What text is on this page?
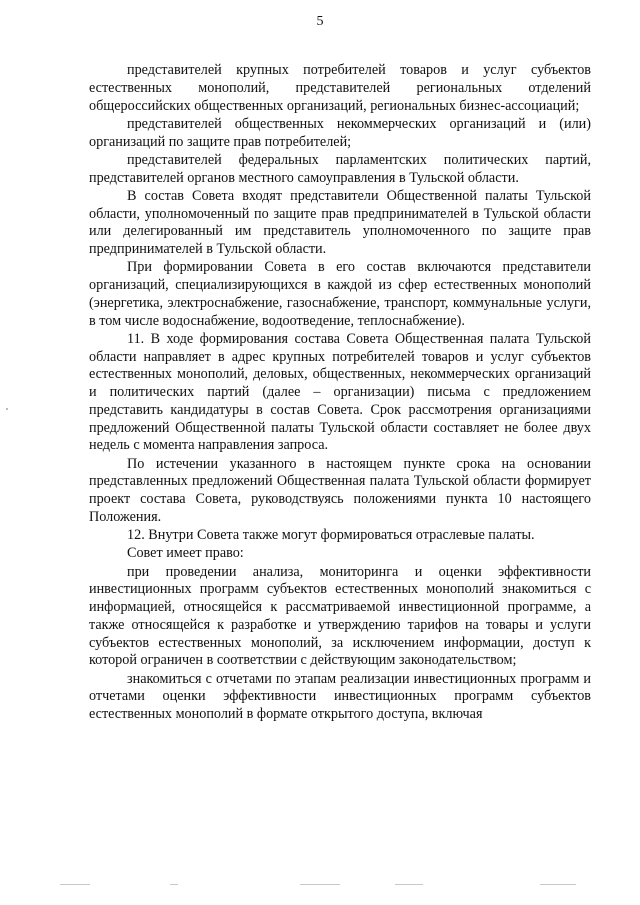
5

представителей крупных потребителей товаров и услуг субъектов естественных монополий, представителей региональных отделений общероссийских общественных организаций, региональных бизнес-ассоциаций;

представителей общественных некоммерческих организаций и (или) организаций по защите прав потребителей;

представителей федеральных парламентских политических партий, представителей органов местного самоуправления в Тульской области.

В состав Совета входят представители Общественной палаты Тульской области, уполномоченный по защите прав предпринимателей в Тульской области или делегированный им представитель уполномоченного по защите прав предпринимателей в Тульской области.

При формировании Совета в его состав включаются представители организаций, специализирующихся в каждой из сфер естественных монополий (энергетика, электроснабжение, газоснабжение, транспорт, коммунальные услуги, в том числе водоснабжение, водоотведение, теплоснабжение).

11. В ходе формирования состава Совета Общественная палата Тульской области направляет в адрес крупных потребителей товаров и услуг субъектов естественных монополий, деловых, общественных, некоммерческих организаций и политических партий (далее – организации) письма с предложением представить кандидатуры в состав Совета. Срок рассмотрения организациями предложений Общественной палаты Тульской области составляет не более двух недель с момента направления запроса.

По истечении указанного в настоящем пункте срока на основании представленных предложений Общественная палата Тульской области формирует проект состава Совета, руководствуясь положениями пункта 10 настоящего Положения.

12. Внутри Совета также могут формироваться отраслевые палаты.

Совет имеет право:

при проведении анализа, мониторинга и оценки эффективности инвестиционных программ субъектов естественных монополий знакомиться с информацией, относящейся к рассматриваемой инвестиционной программе, а также относящейся к разработке и утверждению тарифов на товары и услуги субъектов естественных монополий, за исключением информации, доступ к которой ограничен в соответствии с действующим законодательством;

знакомиться с отчетами по этапам реализации инвестиционных программ и отчетами оценки эффективности инвестиционных программ субъектов естественных монополий в формате открытого доступа, включая
